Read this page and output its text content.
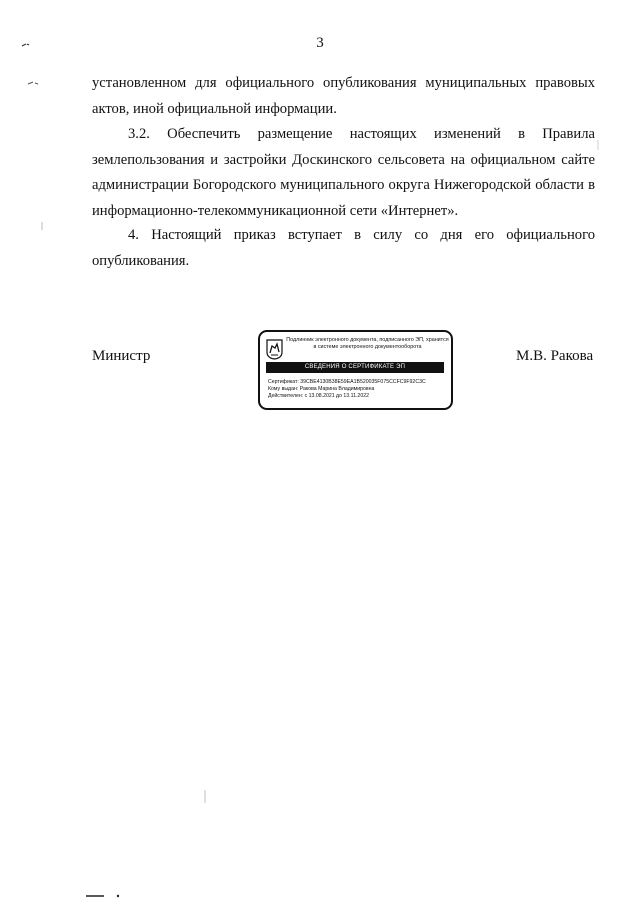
3
установленном для официального опубликования муниципальных правовых актов, иной официальной информации.
3.2. Обеспечить размещение настоящих изменений в Правила землепользования и застройки Доскинского сельсовета на официальном сайте администрации Богородского муниципального округа Нижегородской области в информационно-телекоммуникационной сети «Интернет».
4. Настоящий приказ вступает в силу со дня его официального опубликования.
Министр
Подлинник электронного документа, подписанного ЭП, хранится в системе электронного документооборота
СВЕДЕНИЯ О СЕРТИФИКАТЕ ЭП
Сертификат: 39CBE4130B38E59EA1B520035F075CCFC9F92C3C
Кому выдан: Ракова Марина Владимировна
Действителен: с 13.08.2021 до 13.11.2022
М.В. Ракова
